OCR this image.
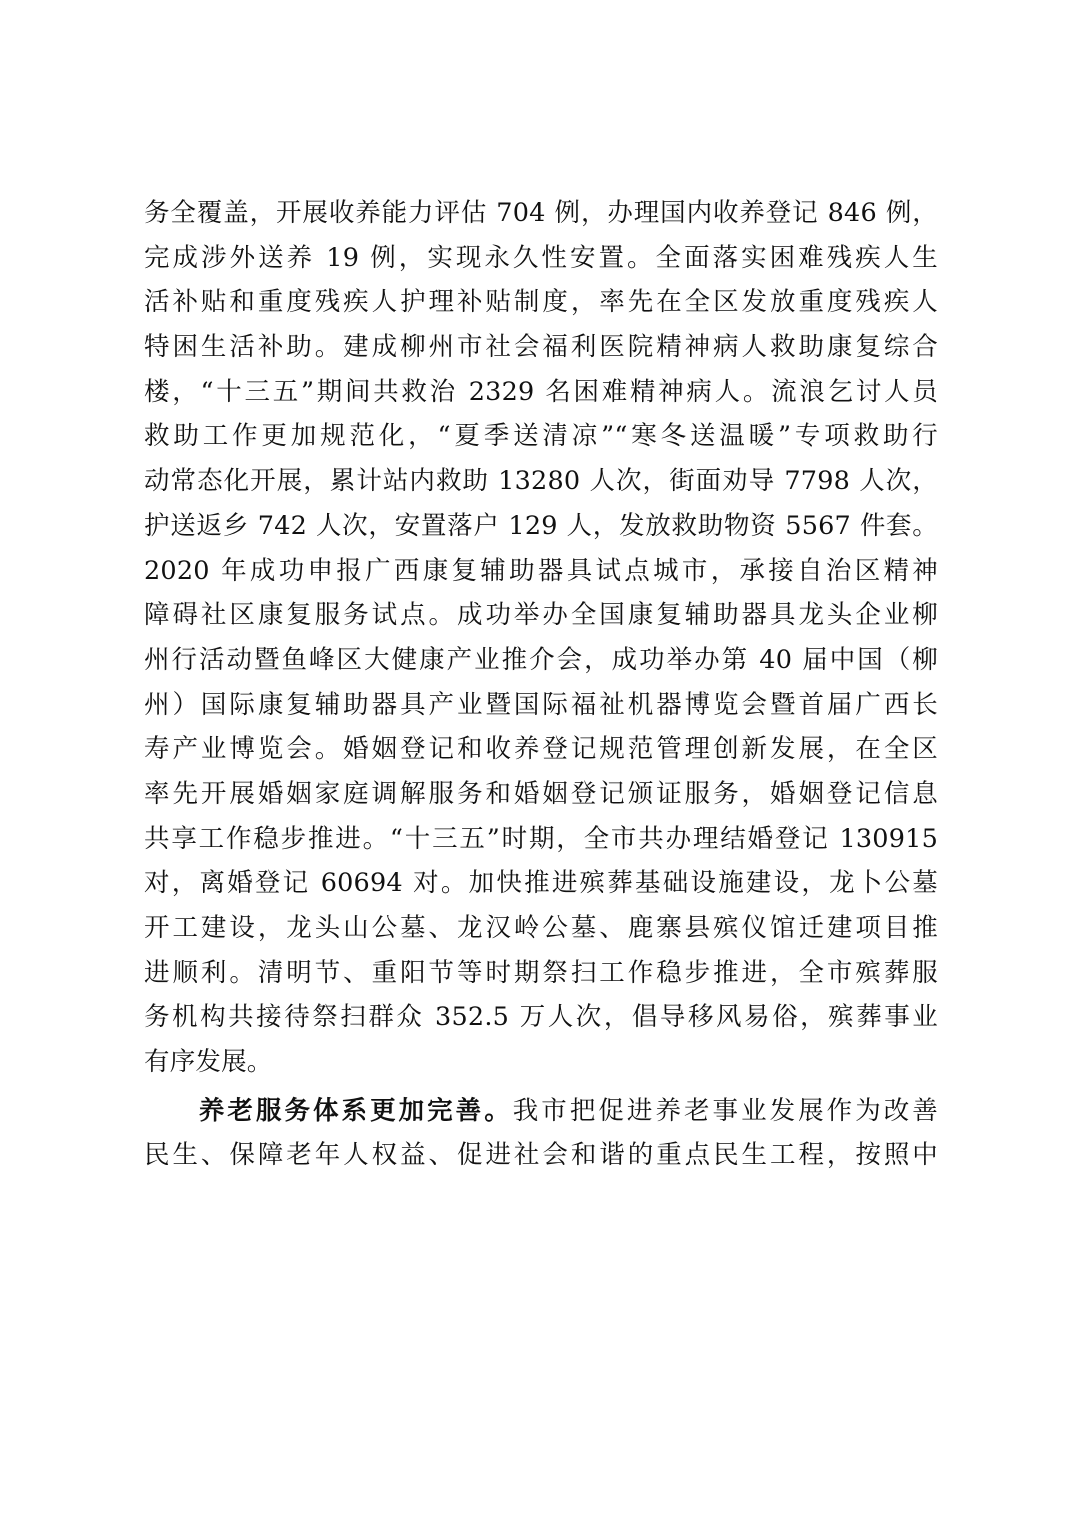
务全覆盖，开展收养能力评估 704 例，办理国内收养登记 846 例，
完成涉外送养 19 例，实现永久性安置。全面落实困难残疾人生
活补贴和重度残疾人护理补贴制度，率先在全区发放重度残疾人
特困生活补助。建成柳州市社会福利医院精神病人救助康复综合
楼，“十三五”期间共救治 2329 名困难精神病人。流浪乞讨人员
救助工作更加规范化，“夏季送清凉”“寒冬送温暖”专项救助行
动常态化开展，累计站内救助 13280 人次，街面劝导 7798 人次，
护送返乡 742 人次，安置落户 129 人，发放救助物资 5567 件套。
2020 年成功申报广西康复辅助器具试点城市，承接自治区精神
障碍社区康复服务试点。成功举办全国康复辅助器具龙头企业柳
州行活动暨鱼峰区大健康产业推介会，成功举办第 40 届中国（柳
州）国际康复辅助器具产业暨国际福祉机器博览会暨首届广西长
寿产业博览会。婚姻登记和收养登记规范管理创新发展，在全区
率先开展婚姻家庭调解服务和婚姻登记颁证服务，婚姻登记信息
共享工作稳步推进。“十三五”时期，全市共办理结婚登记 130915
对，离婚登记 60694 对。加快推进殡葬基础设施建设，龙卜公墓
开工建设，龙头山公墓、龙汉岭公墓、鹿寨县殡仪馆迁建项目推
进顺利。清明节、重阳节等时期祭扫工作稳步推进，全市殡葬服
务机构共接待祭扫群众 352.5 万人次，倡导移风易俗，殡葬事业
有序发展。
养老服务体系更加完善。我市把促进养老事业发展作为改善
民生、保障老年人权益、促进社会和谐的重点民生工程，按照中
